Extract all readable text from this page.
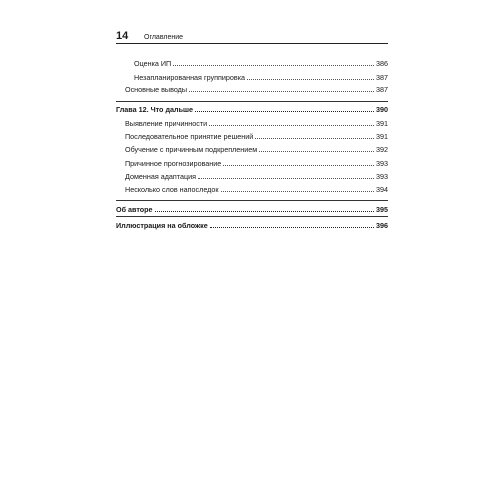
14	Оглавление
Оценка ИП	386
Незапланированная группировка	387
Основные выводы	387
Глава 12. Что дальше	390
Выявление причинности	391
Последовательное принятие решений	391
Обучение с причинным подкреплением	392
Причинное прогнозирование	393
Доменная адаптация	393
Несколько слов напоследок	394
Об авторе	395
Иллюстрация на обложке	396
